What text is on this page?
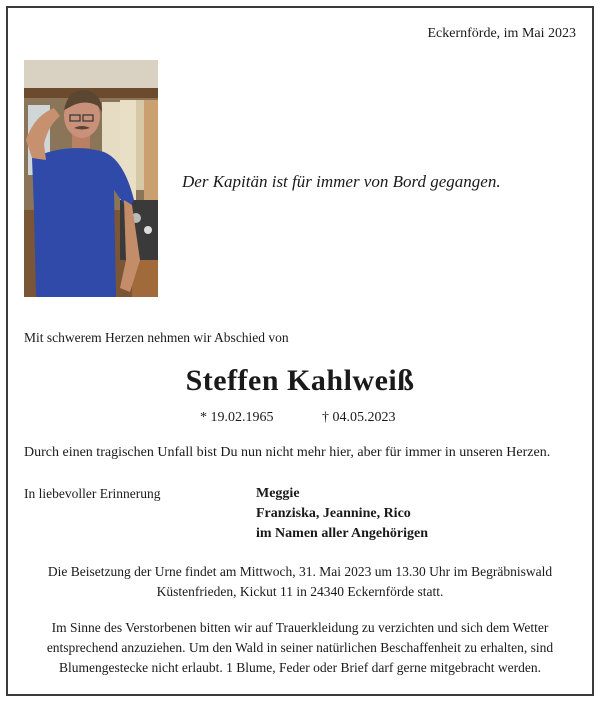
Eckernförde, im Mai 2023
Der Kapitän ist für immer von Bord gegangen.
Mit schwerem Herzen nehmen wir Abschied von
Steffen Kahlweiß
* 19.02.1965	† 04.05.2023
Durch einen tragischen Unfall bist Du nun nicht mehr hier, aber für immer in unseren Herzen.
In liebevoller Erinnerung	Meggie
Franziska, Jeannine, Rico
im Namen aller Angehörigen
Die Beisetzung der Urne findet am Mittwoch, 31. Mai 2023 um 13.30 Uhr im Begräbniswald
Küstenfrieden, Kickut 11 in 24340 Eckernförde statt.
Im Sinne des Verstorbenen bitten wir auf Trauerkleidung zu verzichten und sich dem Wetter
entsprechend anzuziehen. Um den Wald in seiner natürlichen Beschaffenheit zu erhalten, sind
Blumengestecke nicht erlaubt. 1 Blume, Feder oder Brief darf gerne mitgebracht werden.
